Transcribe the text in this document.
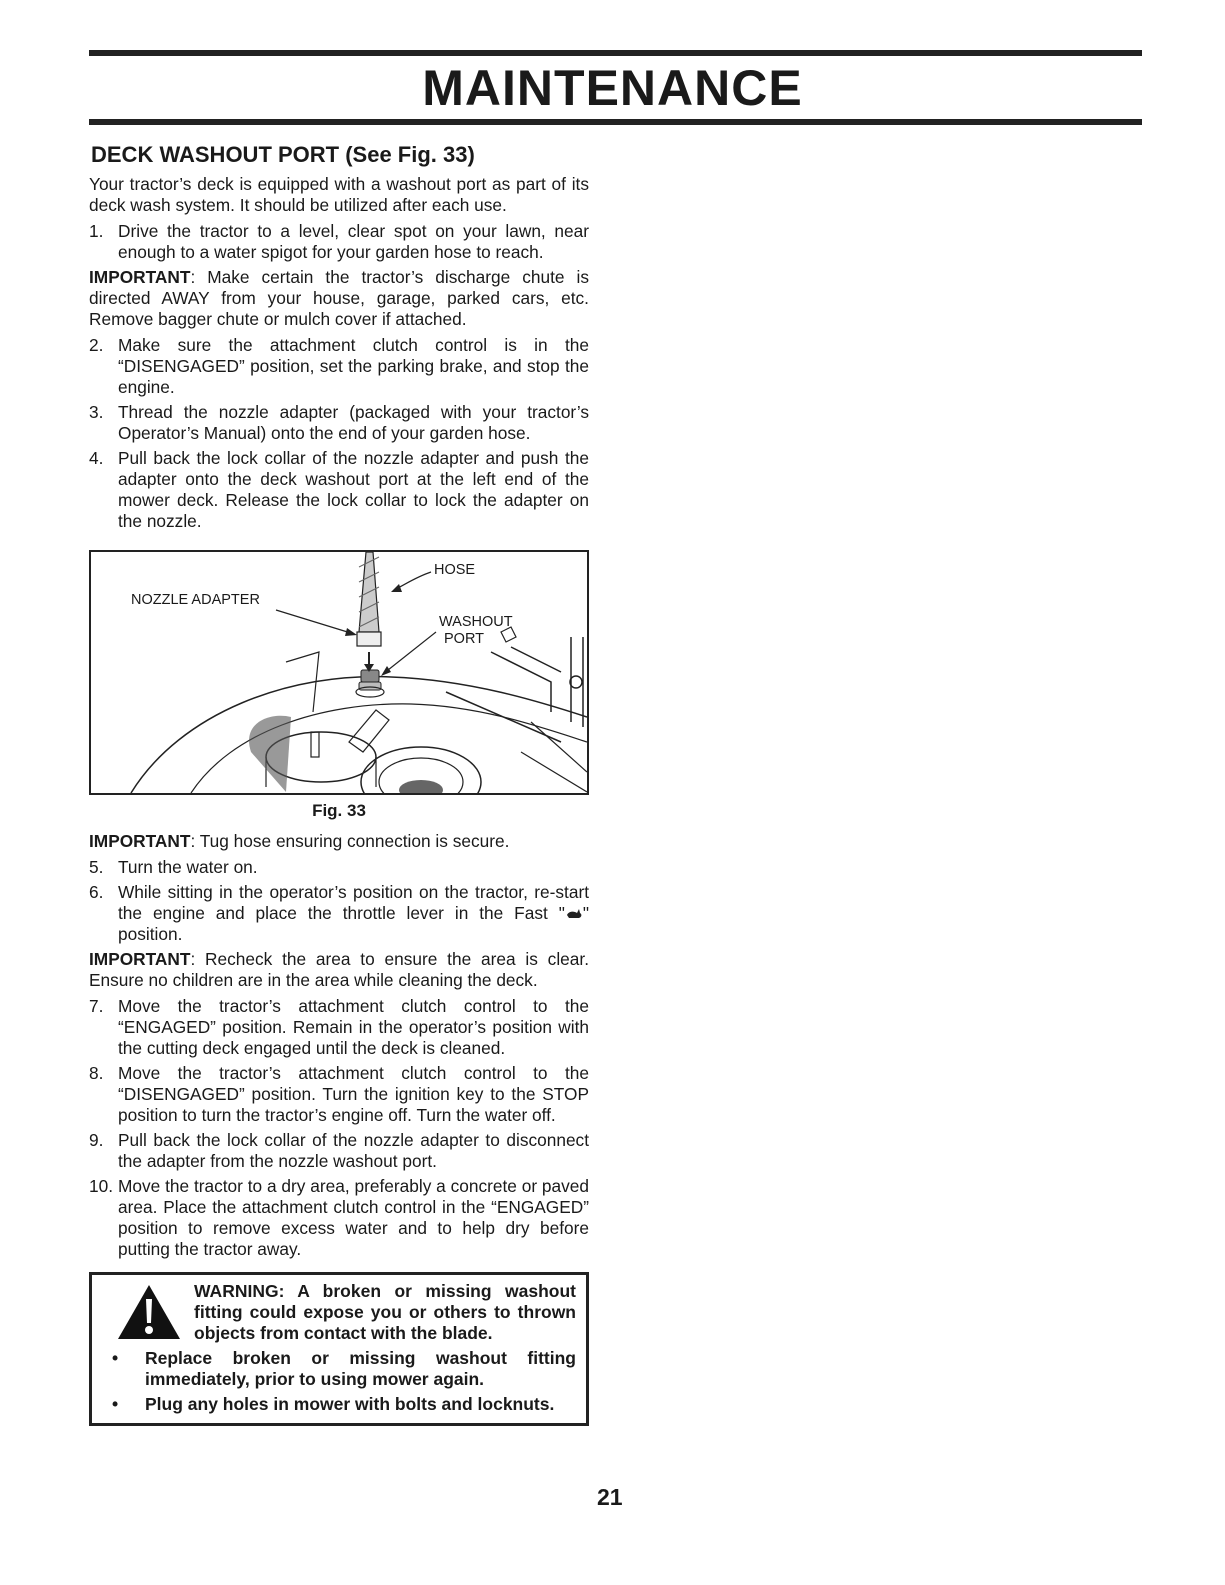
MAINTENANCE
DECK WASHOUT PORT (See Fig. 33)

Your tractor’s deck is equipped with a washout port as part of its deck wash system. It should be utilized after each use.

1. Drive the tractor to a level, clear spot on your lawn, near enough to a water spigot for your garden hose to reach.

IMPORTANT: Make certain the tractor’s discharge chute is directed AWAY from your house, garage, parked cars, etc. Remove bagger chute or mulch cover if attached.

2. Make sure the attachment clutch control is in the “DISENGAGED” position, set the parking brake, and stop the engine.
3. Thread the nozzle adapter (packaged with your tractor’s Operator’s Manual) onto the end of your garden hose.
4. Pull back the lock collar of the nozzle adapter and push the adapter onto the deck washout port at the left end of the mower deck. Release the lock collar to lock the adapter on the nozzle.
HOSE
NOZZLE ADAPTER
WASHOUT
PORT
Fig. 33

IMPORTANT: Tug hose ensuring connection is secure.

5. Turn the water on.
6. While sitting in the operator’s position on the tractor, re-start the engine and place the throttle lever in the Fast " " position.

IMPORTANT: Recheck the area to ensure the area is clear. Ensure no children are in the area while cleaning the deck.

7. Move the tractor’s attachment clutch control to the “ENGAGED” position. Remain in the operator’s position with the cutting deck engaged until the deck is cleaned.
8. Move the tractor’s attachment clutch control to the “DISENGAGED” position. Turn the ignition key to the STOP position to turn the tractor’s engine off. Turn the water off.
9. Pull back the lock collar of the nozzle adapter to disconnect the adapter from the nozzle washout port.
10. Move the tractor to a dry area, preferably a concrete or paved area. Place the attachment clutch control in the “ENGAGED” position to remove excess water and to help dry before putting the tractor away.
WARNING: A broken or missing washout fitting could expose you or others to thrown objects from contact with the blade.
• Replace broken or missing washout fitting immediately, prior to using mower again.
• Plug any holes in mower with bolts and locknuts.
21
